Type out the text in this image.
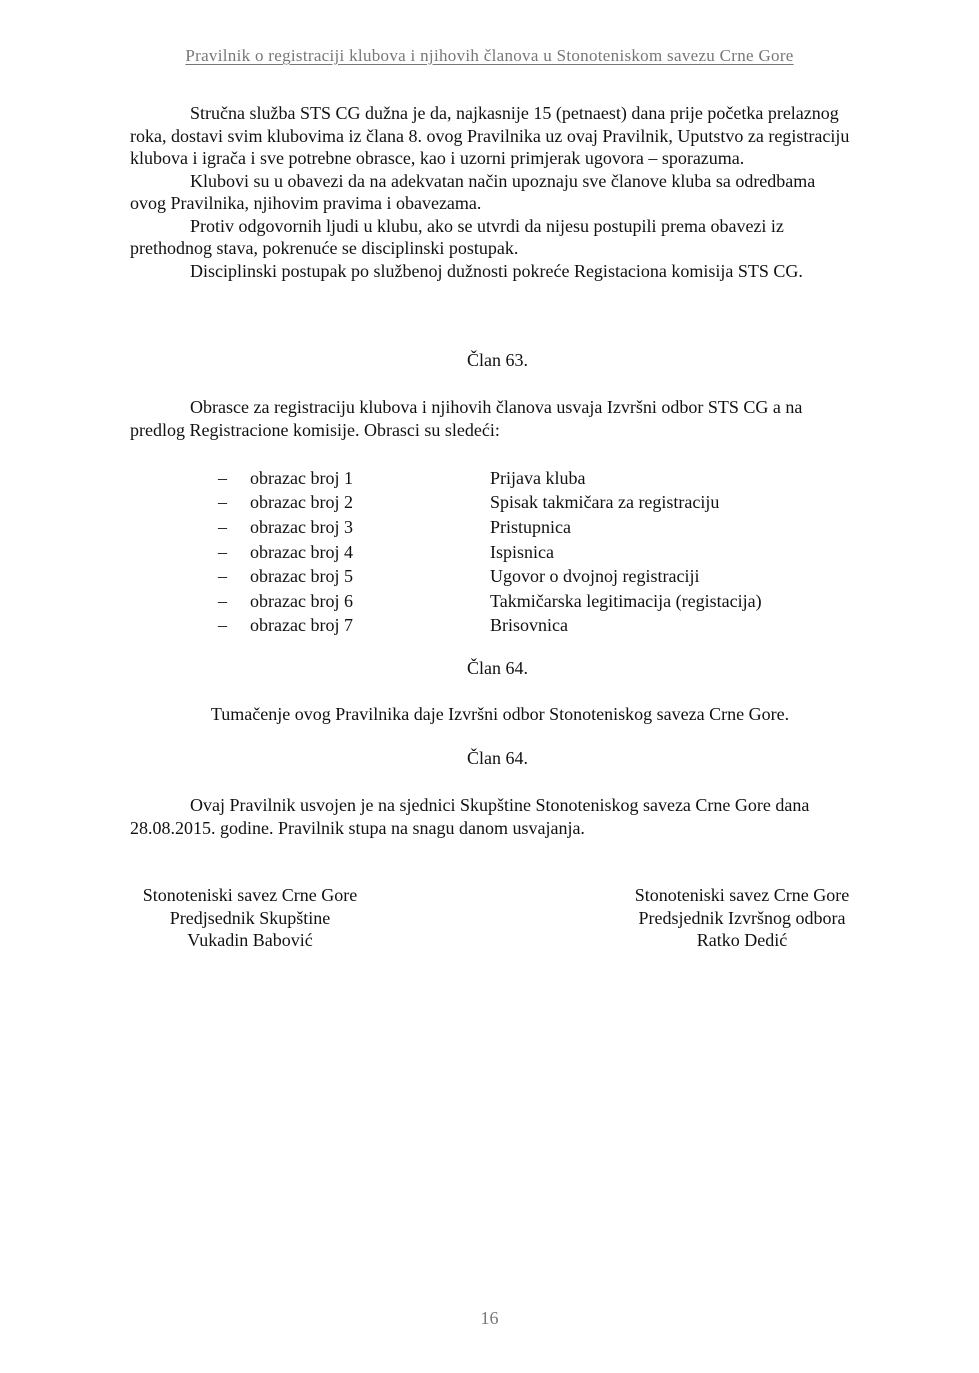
Pravilnik o registraciji klubova i njihovih članova u Stonoteniskom savezu Crne Gore

Stručna služba STS CG dužna je da, najkasnije 15 (petnaest) dana prije početka prelaznog roka, dostavi svim klubovima iz člana 8. ovog Pravilnika uz ovaj Pravilnik, Uputstvo za registraciju klubova i igrača i sve potrebne obrasce, kao i uzorni primjerak ugovora – sporazuma.

Klubovi su u obavezi da na adekvatan način upoznaju sve članove kluba sa odredbama ovog Pravilnika, njihovim pravima i obavezama.

Protiv odgovornih ljudi u klubu, ako se utvrdi da nijesu postupili prema obavezi iz prethodnog stava, pokrenuće se disciplinski postupak.

Disciplinski postupak po službenoj dužnosti pokreće Registaciona komisija STS CG.

Član 63.

Obrasce za registraciju klubova i njihovih članova usvaja Izvršni odbor STS CG a na predlog Registracione komisije. Obrasci su sledeći:

–	obrazac broj 1	Prijava kluba
–	obrazac broj 2	Spisak takmičara za registraciju
–	obrazac broj 3	Pristupnica
–	obrazac broj 4	Ispisnica
–	obrazac broj 5	Ugovor o dvojnoj registraciji
–	obrazac broj 6	Takmičarska legitimacija (registacija)
–	obrazac broj 7	Brisovnica
Član 64.
Tumačenje ovog Pravilnika daje Izvršni odbor Stonoteniskog saveza Crne Gore.
Član 64.

Ovaj Pravilnik usvojen je na sjednici Skupštine Stonoteniskog saveza Crne Gore dana 28.08.2015. godine. Pravilnik stupa na snagu danom usvajanja.

Stonoteniski savez Crne Gore
Predjsednik Skupštine
Vukadin Babović
Stonoteniski savez Crne Gore
Predsjednik Izvršnog odbora
Ratko Dedić
16
